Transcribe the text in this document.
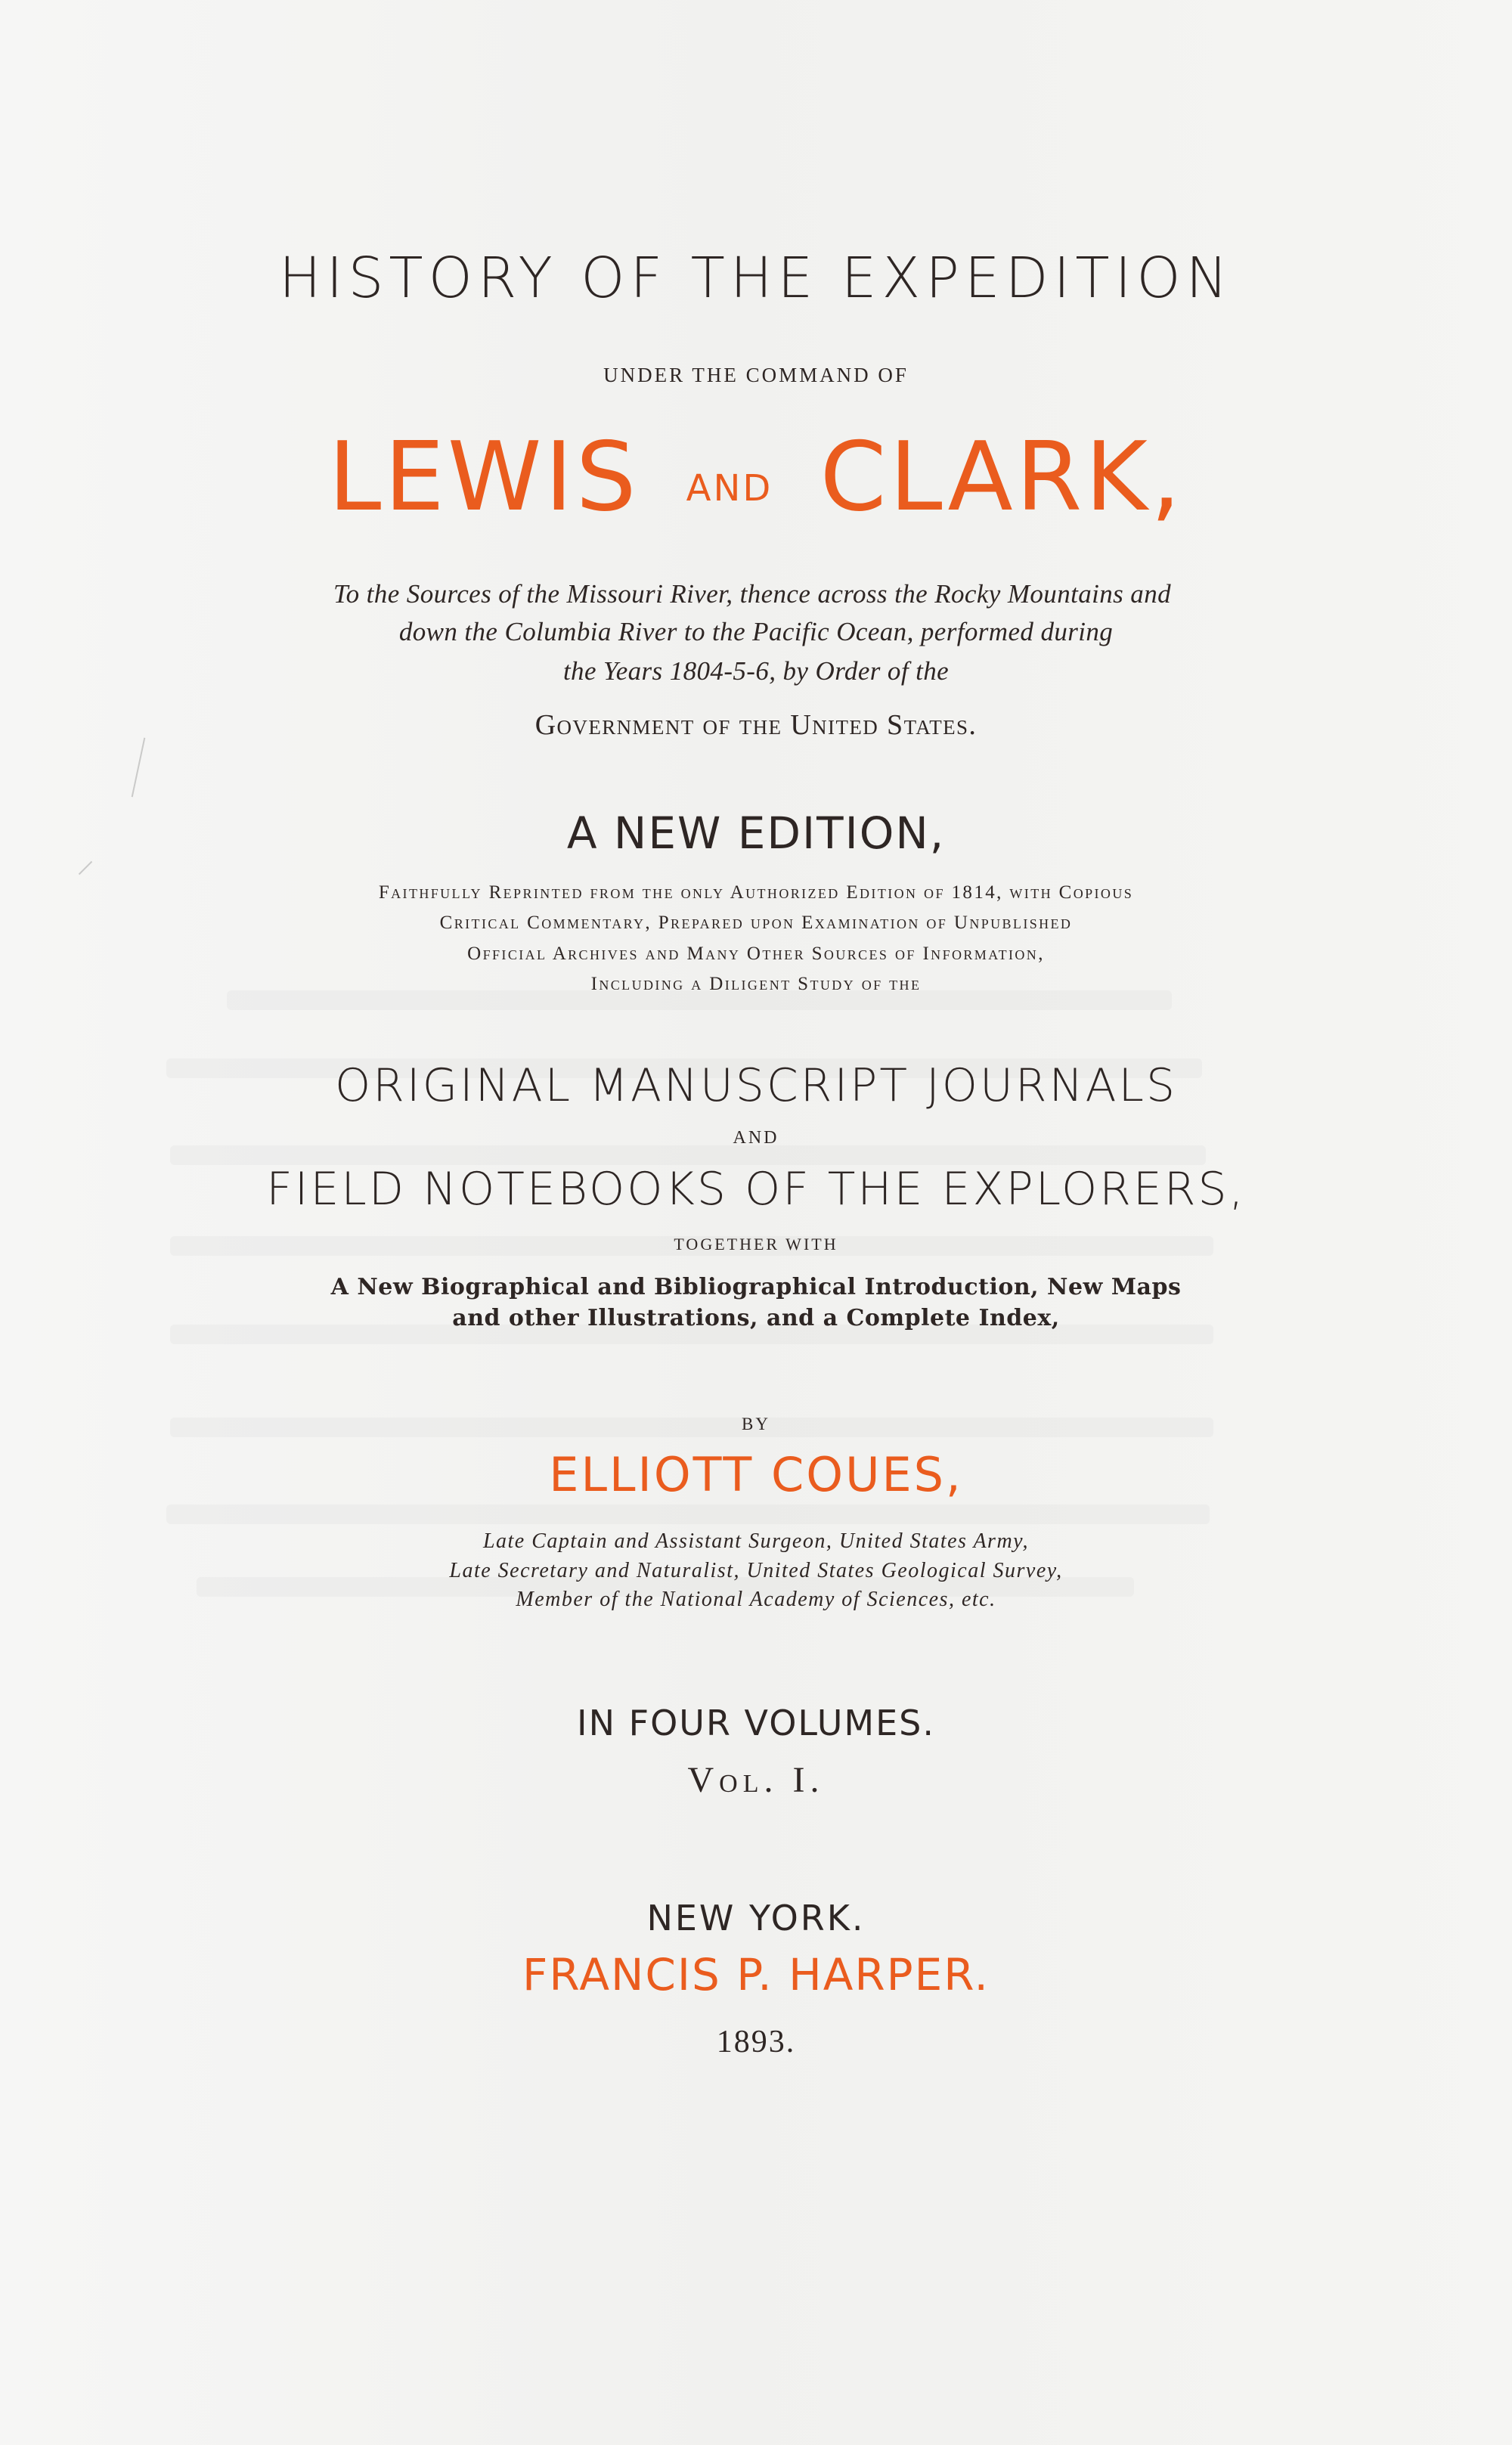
HISTORY OF THE EXPEDITION
UNDER THE COMMAND OF
LEWIS AND CLARK,
To the Sources of the Missouri River, thence across the Rocky Mountains and
down the Columbia River to the Pacific Ocean, performed during
the Years 1804-5-6, by Order of the
Government of the United States.
A NEW EDITION,
Faithfully Reprinted from the only Authorized Edition of 1814, with Copious
Critical Commentary, Prepared upon Examination of Unpublished
Official Archives and Many Other Sources of Information,
Including a Diligent Study of the
ORIGINAL MANUSCRIPT JOURNALS
AND
FIELD NOTEBOOKS OF THE EXPLORERS,
TOGETHER WITH
A New Biographical and Bibliographical Introduction, New Maps
and other Illustrations, and a Complete Index,
BY
ELLIOTT COUES,
Late Captain and Assistant Surgeon, United States Army,
Late Secretary and Naturalist, United States Geological Survey,
Member of the National Academy of Sciences, etc.
IN FOUR VOLUMES.
Vol. I.
NEW YORK.
FRANCIS P. HARPER.
1893.
